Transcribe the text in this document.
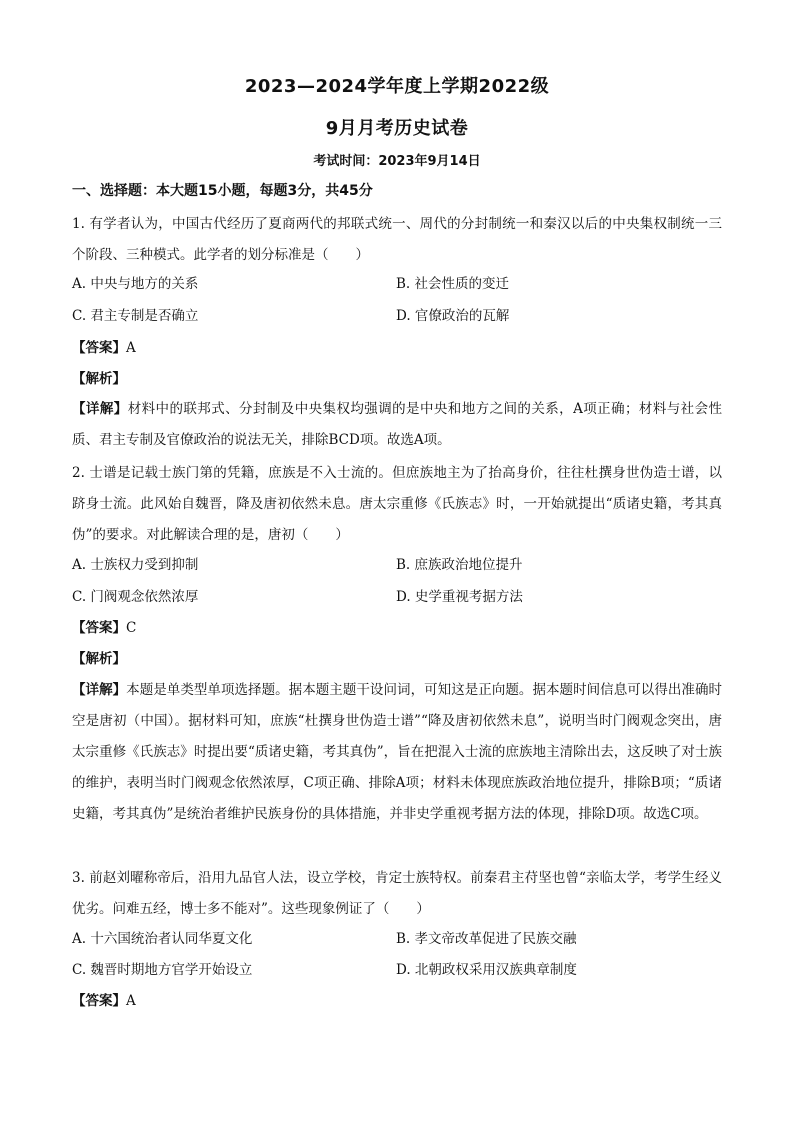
2023—2024学年度上学期2022级
9月月考历史试卷
考试时间：2023年9月14日
一、选择题：本大题15小题，每题3分，共45分
1. 有学者认为，中国古代经历了夏商两代的邦联式统一、周代的分封制统一和秦汉以后的中央集权制统一三个阶段、三种模式。此学者的划分标准是（　　）
A. 中央与地方的关系	B. 社会性质的变迁
C. 君主专制是否确立	D. 官僚政治的瓦解
【答案】A
【解析】
【详解】材料中的联邦式、分封制及中央集权均强调的是中央和地方之间的关系，A项正确；材料与社会性质、君主专制及官僚政治的说法无关，排除BCD项。故选A项。
2. 士谱是记载士族门第的凭籍，庶族是不入士流的。但庶族地主为了抬高身价，往往杜撰身世伪造士谱，以跻身士流。此风始自魏晋，降及唐初依然未息。唐太宗重修《氏族志》时，一开始就提出“质诸史籍，考其真伪”的要求。对此解读合理的是，唐初（　　）
A. 士族权力受到抑制	B. 庶族政治地位提升
C. 门阀观念依然浓厚	D. 史学重视考据方法
【答案】C
【解析】
【详解】本题是单类型单项选择题。据本题主题干设问词，可知这是正向题。据本题时间信息可以得出准确时空是唐初（中国）。据材料可知，庶族“杜撰身世伪造士谱”“降及唐初依然未息”，说明当时门阀观念突出，唐太宗重修《氏族志》时提出要“质诸史籍，考其真伪”，旨在把混入士流的庶族地主清除出去，这反映了对士族的维护，表明当时门阀观念依然浓厚，C项正确、排除A项；材料未体现庶族政治地位提升，排除B项；“质诸史籍，考其真伪”是统治者维护民族身份的具体措施，并非史学重视考据方法的体现，排除D项。故选C项。
3. 前赵刘曜称帝后，沿用九品官人法，设立学校，肯定士族特权。前秦君主苻坚也曾“亲临太学，考学生经义优劣。问难五经，博士多不能对”。这些现象例证了（　　）
A. 十六国统治者认同华夏文化	B. 孝文帝改革促进了民族交融
C. 魏晋时期地方官学开始设立	D. 北朝政权采用汉族典章制度
【答案】A
